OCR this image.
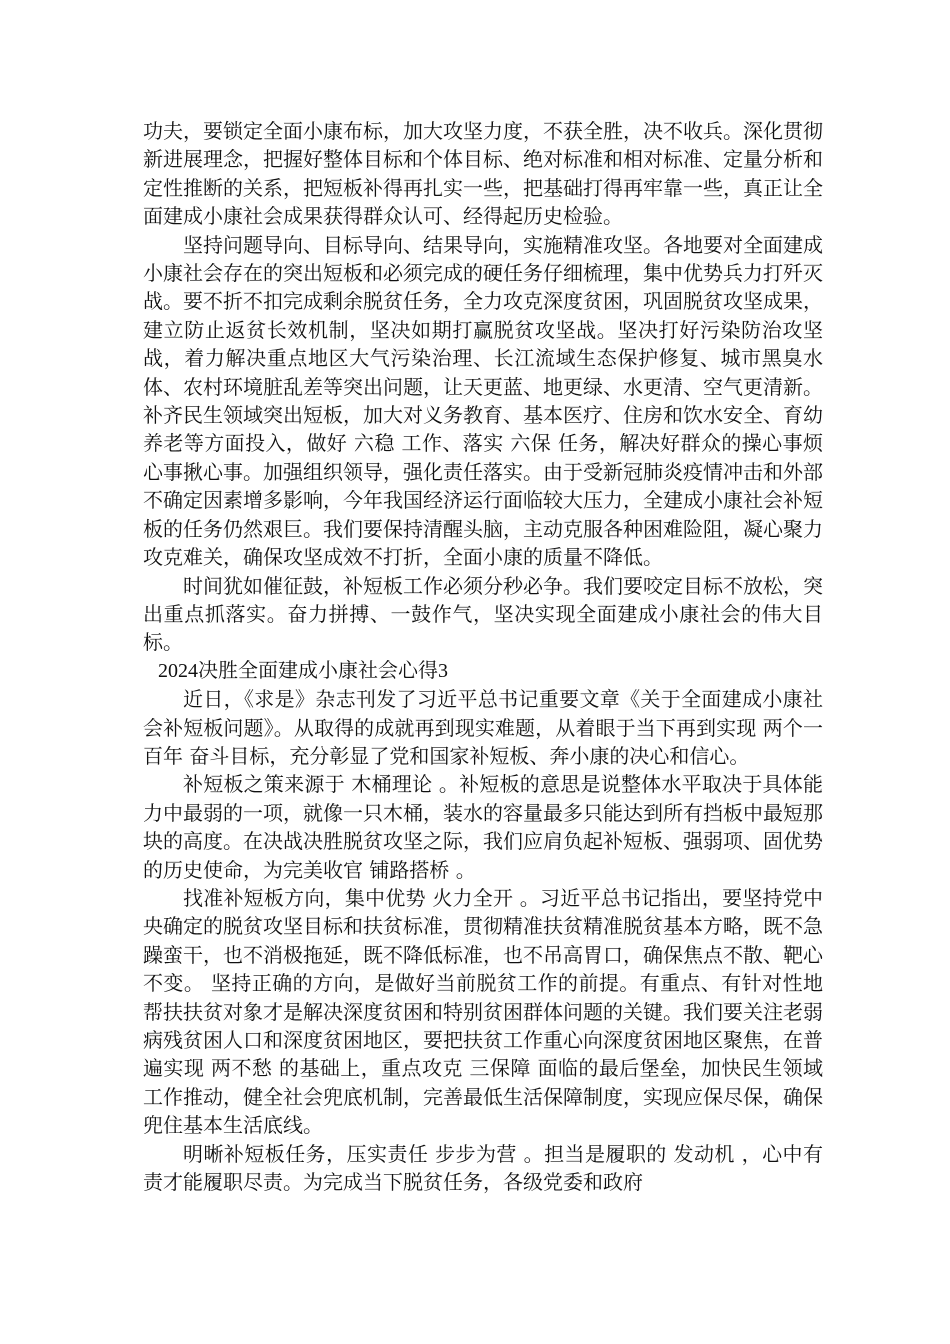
功夫，要锁定全面小康布标，加大攻坚力度，不获全胜，决不收兵。深化贯彻新进展理念，把握好整体目标和个体目标、绝对标准和相对标准、定量分析和定性推断的关系，把短板补得再扎实一些，把基础打得再牢靠一些，真正让全面建成小康社会成果获得群众认可、经得起历史检验。

坚持问题导向、目标导向、结果导向，实施精准攻坚。各地要对全面建成小康社会存在的突出短板和必须完成的硬任务仔细梳理，集中优势兵力打歼灭战。要不折不扣完成剩余脱贫任务，全力攻克深度贫困，巩固脱贫攻坚成果，建立防止返贫长效机制，坚决如期打赢脱贫攻坚战。坚决打好污染防治攻坚战，着力解决重点地区大气污染治理、长江流域生态保护修复、城市黑臭水体、农村环境脏乱差等突出问题，让天更蓝、地更绿、水更清、空气更清新。补齐民生领域突出短板，加大对义务教育、基本医疗、住房和饮水安全、育幼养老等方面投入，做好 六稳 工作、落实 六保 任务，解决好群众的操心事烦心事揪心事。加强组织领导，强化责任落实。由于受新冠肺炎疫情冲击和外部不确定因素增多影响，今年我国经济运行面临较大压力，全建成小康社会补短板的任务仍然艰巨。我们要保持清醒头脑，主动克服各种困难险阻，凝心聚力攻克难关，确保攻坚成效不打折，全面小康的质量不降低。

时间犹如催征鼓，补短板工作必须分秒必争。我们要咬定目标不放松，突出重点抓落实。奋力拼搏、一鼓作气，坚决实现全面建成小康社会的伟大目标。

2024决胜全面建成小康社会心得3

近日，《求是》杂志刊发了习近平总书记重要文章《关于全面建成小康社会补短板问题》。从取得的成就再到现实难题，从着眼于当下再到实现 两个一百年 奋斗目标，充分彰显了党和国家补短板、奔小康的决心和信心。

补短板之策来源于 木桶理论 。补短板的意思是说整体水平取决于具体能力中最弱的一项，就像一只木桶，装水的容量最多只能达到所有挡板中最短那块的高度。在决战决胜脱贫攻坚之际，我们应肩负起补短板、强弱项、固优势的历史使命，为完美收官 铺路搭桥 。

找准补短板方向，集中优势 火力全开 。习近平总书记指出，要坚持党中央确定的脱贫攻坚目标和扶贫标准，贯彻精准扶贫精准脱贫基本方略，既不急躁蛮干，也不消极拖延，既不降低标准，也不吊高胃口，确保焦点不散、靶心不变。 坚持正确的方向，是做好当前脱贫工作的前提。有重点、有针对性地帮扶扶贫对象才是解决深度贫困和特别贫困群体问题的关键。我们要关注老弱病残贫困人口和深度贫困地区，要把扶贫工作重心向深度贫困地区聚焦，在普遍实现 两不愁 的基础上，重点攻克 三保障 面临的最后堡垒，加快民生领域工作推动，健全社会兜底机制，完善最低生活保障制度，实现应保尽保，确保兜住基本生活底线。

明晰补短板任务，压实责任 步步为营 。担当是履职的 发动机 ，心中有责才能履职尽责。为完成当下脱贫任务，各级党委和政府
